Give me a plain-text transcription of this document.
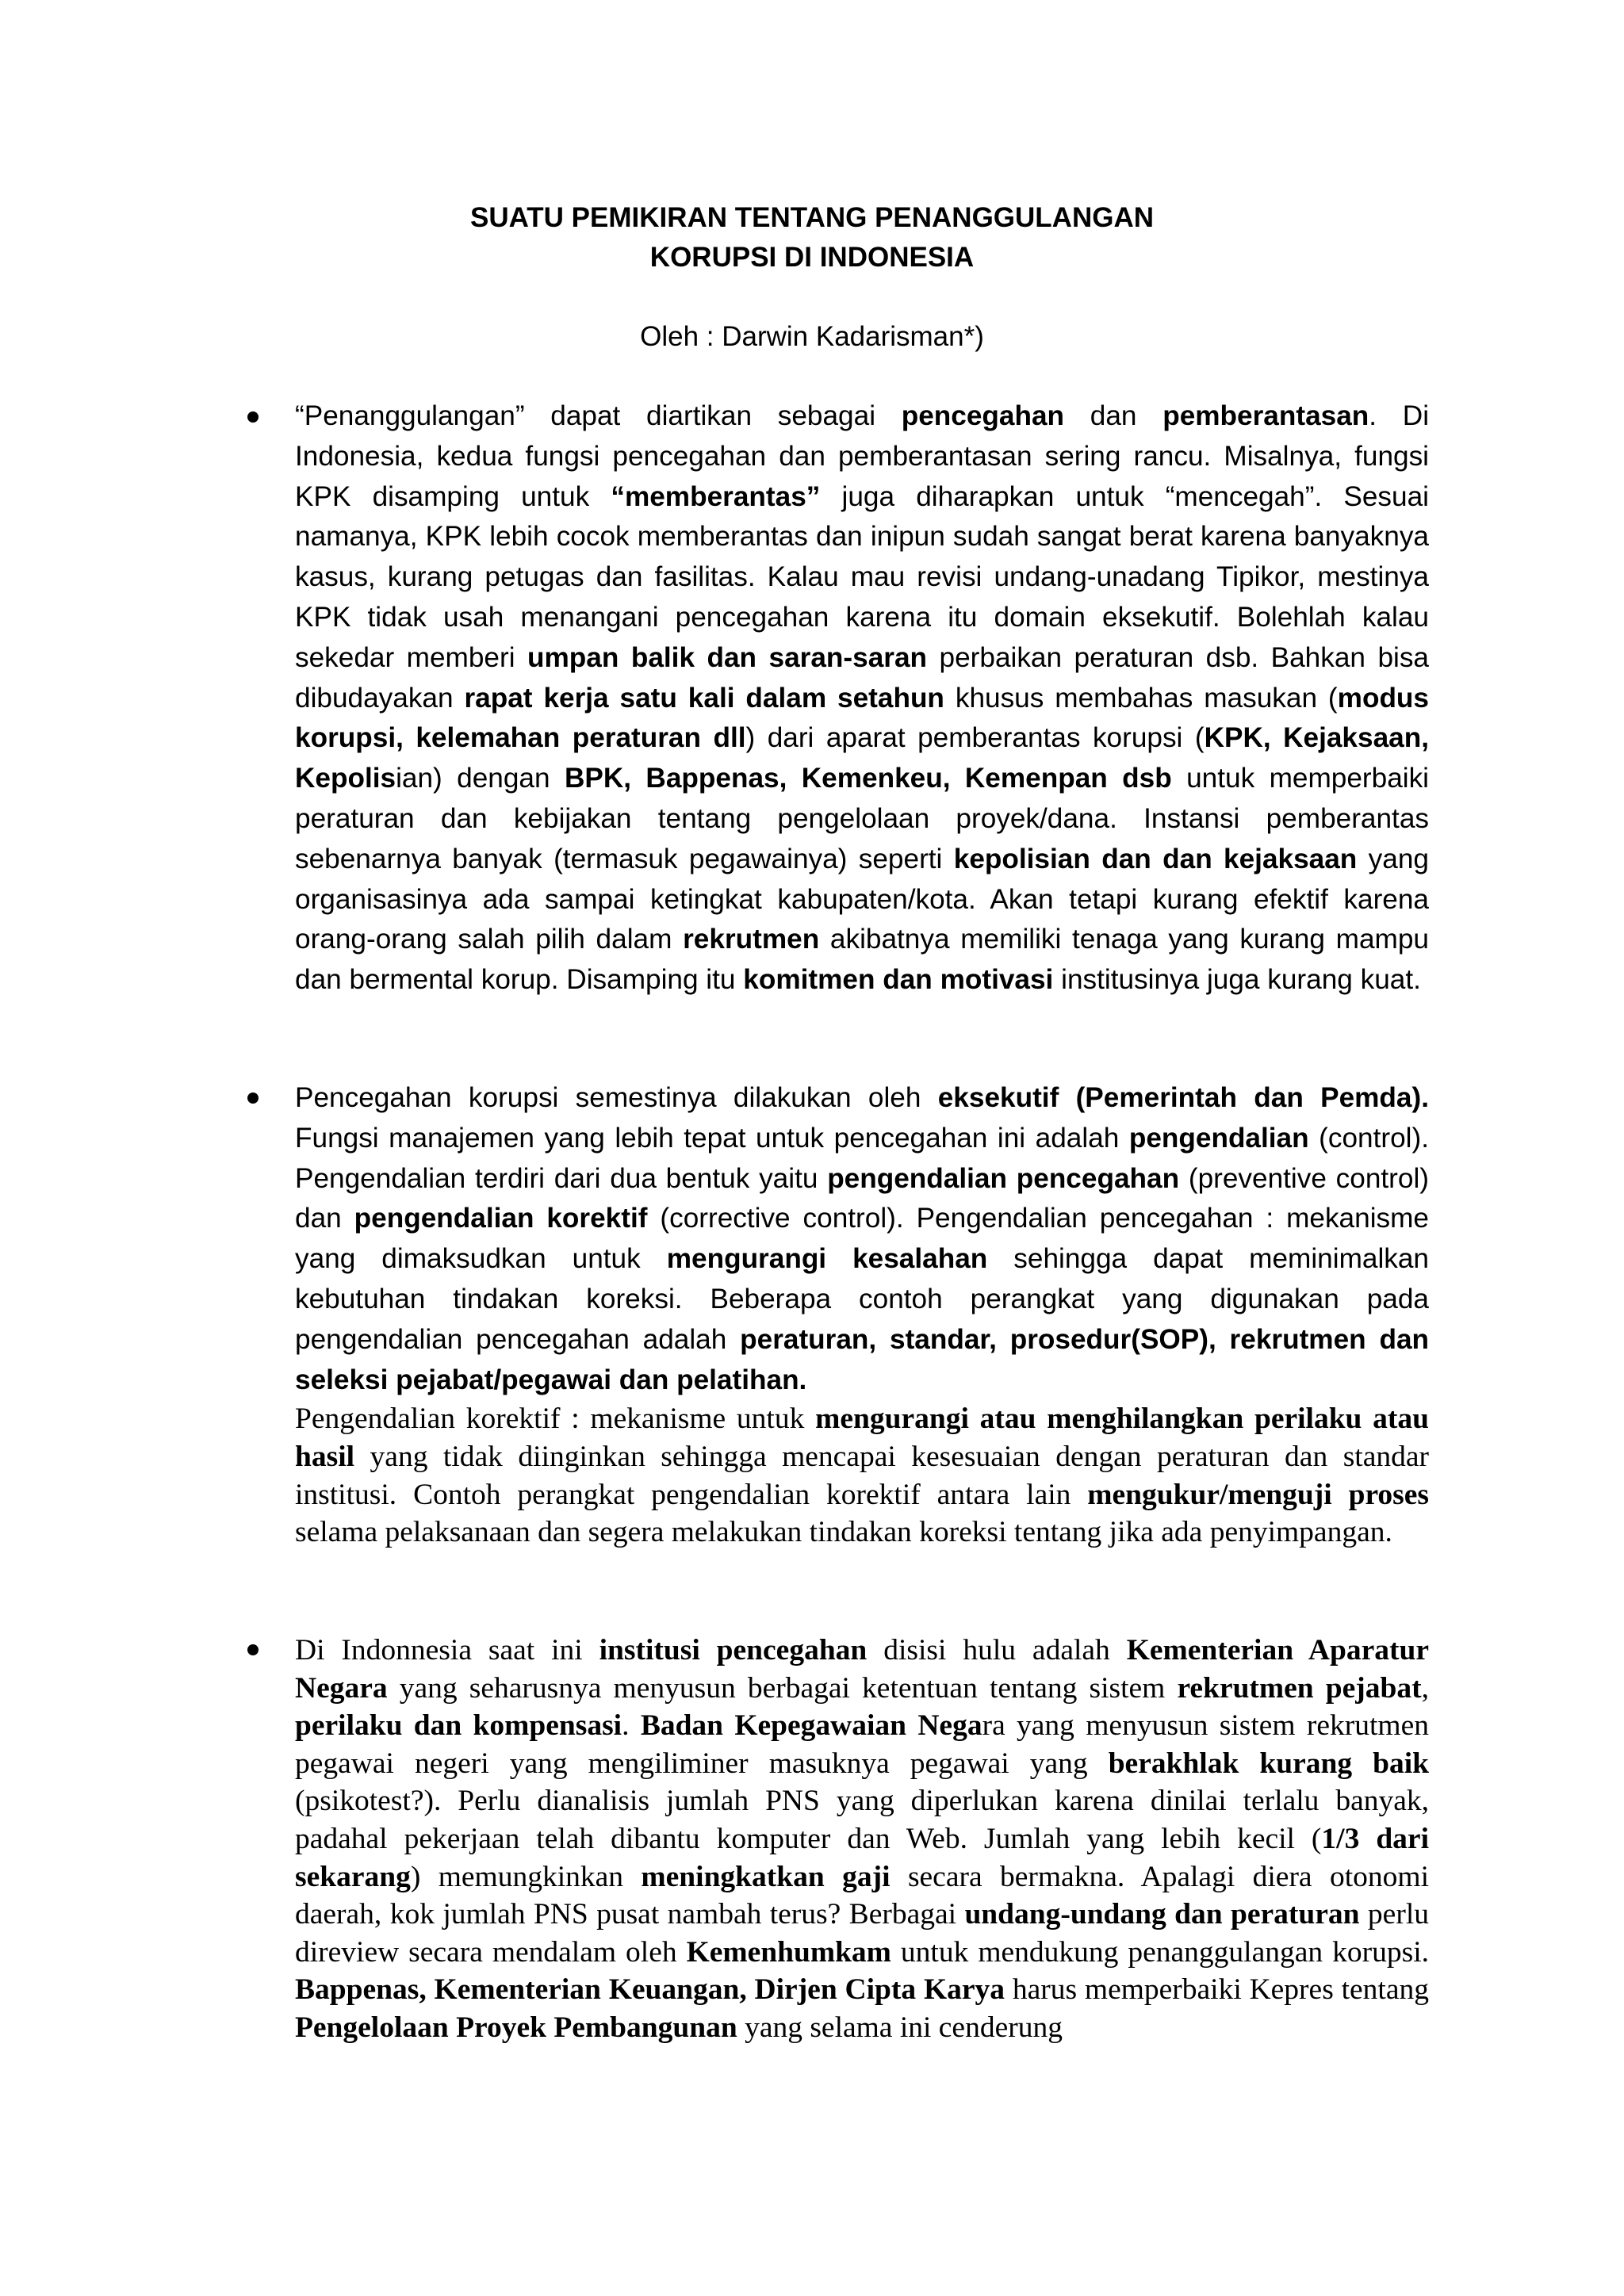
SUATU PEMIKIRAN TENTANG PENANGGULANGAN
KORUPSI DI INDONESIA
Oleh : Darwin Kadarisman*)

“Penanggulangan” dapat diartikan sebagai pencegahan dan pemberantasan. Di Indonesia, kedua fungsi pencegahan dan pemberantasan sering rancu. Misalnya, fungsi KPK disamping untuk “memberantas” juga diharapkan untuk “mencegah”. Sesuai namanya, KPK lebih cocok memberantas dan inipun sudah sangat berat karena banyaknya kasus, kurang petugas dan fasilitas. Kalau mau revisi undang-unadang Tipikor, mestinya KPK tidak usah menangani pencegahan karena itu domain eksekutif. Bolehlah kalau sekedar memberi umpan balik dan saran-saran perbaikan peraturan dsb. Bahkan bisa dibudayakan rapat kerja satu kali dalam setahun khusus membahas masukan (modus korupsi, kelemahan peraturan dll) dari aparat pemberantas korupsi (KPK, Kejaksaan, Kepolisian) dengan BPK, Bappenas, Kemenkeu, Kemenpan dsb untuk memperbaiki peraturan dan kebijakan tentang pengelolaan proyek/dana. Instansi pemberantas sebenarnya banyak (termasuk pegawainya) seperti kepolisian dan dan kejaksaan yang organisasinya ada sampai ketingkat kabupaten/kota. Akan tetapi kurang efektif karena orang-orang salah pilih dalam rekrutmen akibatnya memiliki tenaga yang kurang mampu dan bermental korup. Disamping itu komitmen dan motivasi institusinya juga kurang kuat.

Pencegahan korupsi semestinya dilakukan oleh eksekutif (Pemerintah dan Pemda). Fungsi manajemen yang lebih tepat untuk pencegahan ini adalah pengendalian (control). Pengendalian terdiri dari dua bentuk yaitu pengendalian pencegahan (preventive control) dan pengendalian korektif (corrective control). Pengendalian pencegahan : mekanisme yang dimaksudkan untuk mengurangi kesalahan sehingga dapat meminimalkan kebutuhan tindakan koreksi. Beberapa contoh perangkat yang digunakan pada pengendalian pencegahan adalah peraturan, standar, prosedur(SOP), rekrutmen dan seleksi pejabat/pegawai dan pelatihan.
Pengendalian korektif : mekanisme untuk mengurangi atau menghilangkan perilaku atau hasil yang tidak diinginkan sehingga mencapai kesesuaian dengan peraturan dan standar institusi. Contoh perangkat pengendalian korektif antara lain mengukur/menguji proses selama pelaksanaan dan segera melakukan tindakan koreksi tentang jika ada penyimpangan.

Di Indonnesia saat ini institusi pencegahan disisi hulu adalah Kementerian Aparatur Negara yang seharusnya menyusun berbagai ketentuan tentang sistem rekrutmen pejabat, perilaku dan kompensasi. Badan Kepegawaian Negara yang menyusun sistem rekrutmen pegawai negeri yang mengiliminer masuknya pegawai yang berakhlak kurang baik (psikotest?). Perlu dianalisis jumlah PNS yang diperlukan karena dinilai terlalu banyak, padahal pekerjaan telah dibantu komputer dan Web. Jumlah yang lebih kecil (1/3 dari sekarang) memungkinkan meningkatkan gaji secara bermakna. Apalagi diera otonomi daerah, kok jumlah PNS pusat nambah terus? Berbagai undang-undang dan peraturan perlu direview secara mendalam oleh Kemenhumkam untuk mendukung penanggulangan korupsi. Bappenas, Kementerian Keuangan, Dirjen Cipta Karya harus memperbaiki Kepres tentang Pengelolaan Proyek Pembangunan yang selama ini cenderung
